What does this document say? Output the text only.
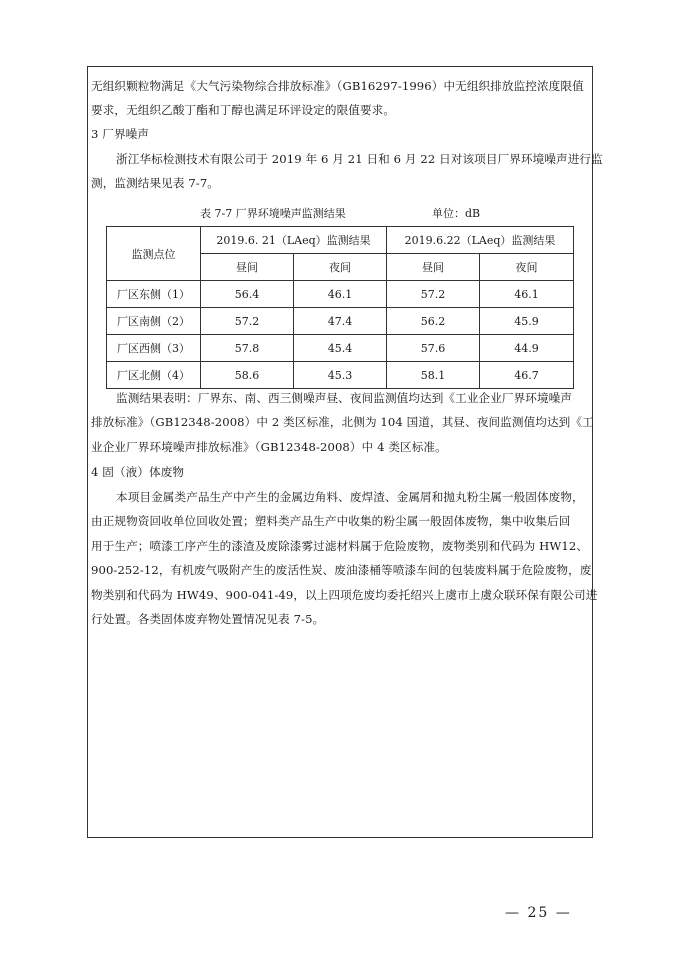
无组织颗粒物满足《大气污染物综合排放标准》（GB16297-1996）中无组织排放监控浓度限值
要求，无组织乙酸丁酯和丁醇也满足环评设定的限值要求。
3 厂界噪声
浙江华标检测技术有限公司于 2019 年 6 月 21 日和 6 月 22 日对该项目厂界环境噪声进行监
测，监测结果见表 7-7。
表 7-7 厂界环境噪声监测结果	单位：dB
监测点位	2019.6. 21（LAeq）监测结果		2019.6.22（LAeq）监测结果	
	昼间	夜间	昼间	夜间
厂区东侧（1）	56.4	46.1	57.2	46.1
厂区南侧（2）	57.2	47.4	56.2	45.9
厂区西侧（3）	57.8	45.4	57.6	44.9
厂区北侧（4）	58.6	45.3	58.1	46.7
监测结果表明：厂界东、南、西三侧噪声昼、夜间监测值均达到《工业企业厂界环境噪声
排放标准》（GB12348-2008）中 2 类区标准，北侧为 104 国道，其昼、夜间监测值均达到《工
业企业厂界环境噪声排放标准》（GB12348-2008）中 4 类区标准。
4 固（液）体废物
本项目金属类产品生产中产生的金属边角料、废焊渣、金属屑和抛丸粉尘属一般固体废物，
由正规物资回收单位回收处置；塑料类产品生产中收集的粉尘属一般固体废物，集中收集后回
用于生产；喷漆工序产生的漆渣及废除漆雾过滤材料属于危险废物，废物类别和代码为 HW12、
900-252-12，有机废气吸附产生的废活性炭、废油漆桶等喷漆车间的包装废料属于危险废物，废
物类别和代码为 HW49、900-041-49，以上四项危废均委托绍兴上虞市上虞众联环保有限公司进
行处置。各类固体废弃物处置情况见表 7-5。
— 25 —
